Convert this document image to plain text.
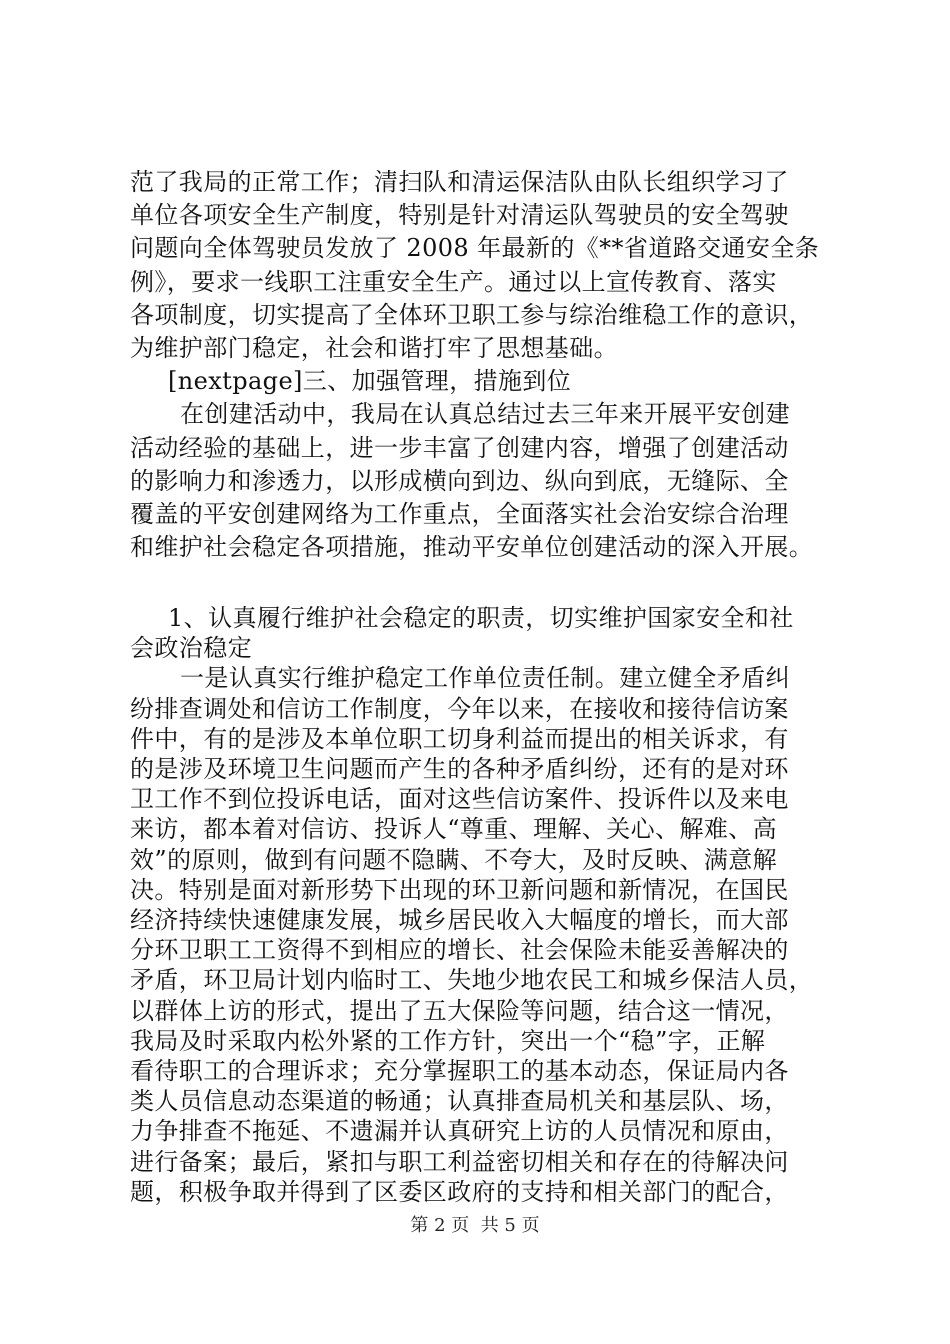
范了我局的正常工作；清扫队和清运保洁队由队长组织学习了
单位各项安全生产制度，特别是针对清运队驾驶员的安全驾驶
问题向全体驾驶员发放了 2008 年最新的《**省道路交通安全条
例》，要求一线职工注重安全生产。通过以上宣传教育、落实
各项制度，切实提高了全体环卫职工参与综治维稳工作的意识，
为维护部门稳定，社会和谐打牢了思想基础。
[nextpage]三、加强管理，措施到位
在创建活动中，我局在认真总结过去三年来开展平安创建
活动经验的基础上，进一步丰富了创建内容，增强了创建活动
的影响力和渗透力，以形成横向到边、纵向到底，无缝际、全
覆盖的平安创建网络为工作重点，全面落实社会治安综合治理
和维护社会稳定各项措施，推动平安单位创建活动的深入开展。
1、认真履行维护社会稳定的职责，切实维护国家安全和社
会政治稳定
一是认真实行维护稳定工作单位责任制。建立健全矛盾纠
纷排查调处和信访工作制度，今年以来，在接收和接待信访案
件中，有的是涉及本单位职工切身利益而提出的相关诉求，有
的是涉及环境卫生问题而产生的各种矛盾纠纷，还有的是对环
卫工作不到位投诉电话，面对这些信访案件、投诉件以及来电
来访，都本着对信访、投诉人“尊重、理解、关心、解难、高
效”的原则，做到有问题不隐瞒、不夸大，及时反映、满意解
决。特别是面对新形势下出现的环卫新问题和新情况，在国民
经济持续快速健康发展，城乡居民收入大幅度的增长，而大部
分环卫职工工资得不到相应的增长、社会保险未能妥善解决的
矛盾，环卫局计划内临时工、失地少地农民工和城乡保洁人员，
以群体上访的形式，提出了五大保险等问题，结合这一情况，
我局及时采取内松外紧的工作方针，突出一个“稳”字，正解
看待职工的合理诉求；充分掌握职工的基本动态，保证局内各
类人员信息动态渠道的畅通；认真排查局机关和基层队、场，
力争排查不拖延、不遗漏并认真研究上访的人员情况和原由，
第 2 页  共 5 页
进行备案；最后，紧扣与职工利益密切相关和存在的待解决问
题，积极争取并得到了区委区政府的支持和相关部门的配合，
